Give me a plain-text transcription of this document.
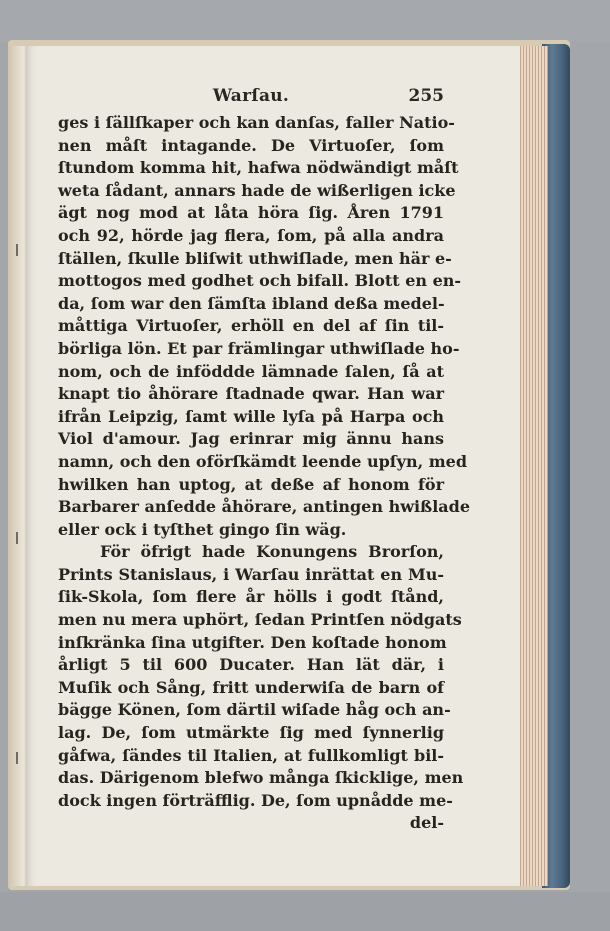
Warſau.	255
ges i ſällſkaper och kan danſas, faller Natio-
nen måſt intagande. De Virtuoſer, ſom
ſtundom komma hit, hafwa nödwändigt måſt
weta ſådant, annars hade de wißerligen icke
ägt nog mod at låta höra ſig. Åren 1791
och 92, hörde jag flera, ſom, på alla andra
ſtällen, ſkulle bliſwit uthwiſlade, men här e-
mottogos med godhet och bifall. Blott en en-
da, ſom war den ſämſta ibland deßa medel-
måttiga Virtuoſer, erhöll en del af ſin til-
börliga lön. Et par främlingar uthwiſlade ho-
nom, och de inföddde lämnade ſalen, ſå at
knapt tio åhörare ſtadnade qwar. Han war
ifrån Leipzig, ſamt wille lyſa på Harpa och
Viol d'amour. Jag erinrar mig ännu hans
namn, och den oförſkämdt leende upſyn, med
hwilken han uptog, at deße af honom för
Barbarer anſedde åhörare, antingen hwißlade
eller ock i tyſthet gingo ſin wäg.
För öfrigt hade Konungens Brorſon,
Prints Stanislaus, i Warſau inrättat en Mu-
ſik-Skola, ſom flere år hölls i godt ſtånd,
men nu mera uphört, ſedan Printſen nödgats
inſkränka ſina utgifter. Den koſtade honom
årligt 5 til 600 Ducater. Han lät där, i
Muſik och Sång, fritt underwiſa de barn of
bägge Könen, ſom därtil wiſade håg och an-
lag. De, ſom utmärkte ſig med ſynnerlig
gåfwa, ſändes til Italien, at fullkomligt bil-
das. Därigenom blefwo många ſkicklige, men
dock ingen förträfflig. De, ſom upnådde me-
del-
